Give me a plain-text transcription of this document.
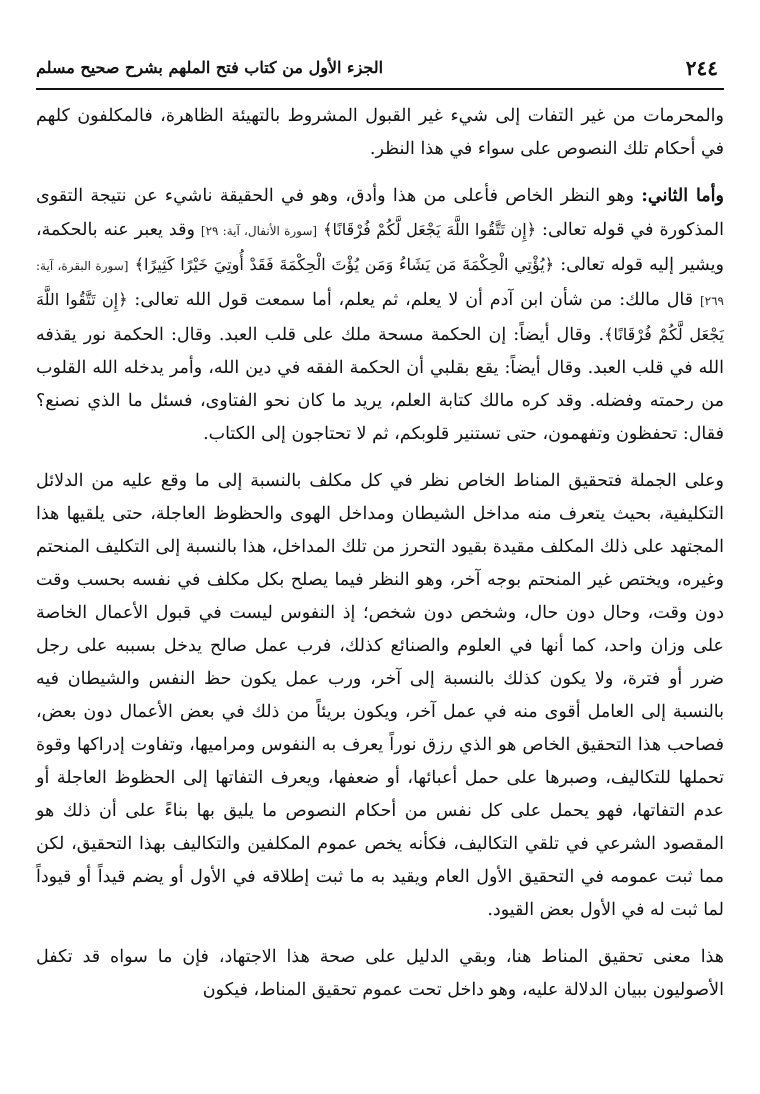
٢٤٤
الجزء الأول من كتاب فتح الملهم بشرح صحيح مسلم

والمحرمات من غير التفات إلى شيء غير القبول المشروط بالتهيئة الظاهرة، فالمكلفون كلهم في أحكام تلك النصوص على سواء في هذا النظر.

وأما الثاني: وهو النظر الخاص فأعلى من هذا وأدق، وهو في الحقيقة ناشيء عن نتيجة التقوى المذكورة في قوله تعالى: ﴿إِن تَتَّقُوا اللَّهَ يَجْعَل لَّكُمْ فُرْقَانًا﴾ [سورة الأنفال، آية: ٢٩] وقد يعبر عنه بالحكمة، ويشير إليه قوله تعالى: ﴿يُؤْتِي الْحِكْمَةَ مَن يَشَاءُ وَمَن يُؤْتَ الْحِكْمَةَ فَقَدْ أُوتِيَ خَيْرًا كَثِيرًا﴾ [سورة البقرة، آية: ٢٦٩] قال مالك: من شأن ابن آدم أن لا يعلم، ثم يعلم، أما سمعت قول الله تعالى: ﴿إِن تَتَّقُوا اللَّهَ يَجْعَل لَّكُمْ فُرْقَانًا﴾. وقال أيضاً: إن الحكمة مسحة ملك على قلب العبد. وقال: الحكمة نور يقذفه الله في قلب العبد. وقال أيضاً: يقع بقلبي أن الحكمة الفقه في دين الله، وأمر يدخله الله القلوب من رحمته وفضله. وقد كره مالك كتابة العلم، يريد ما كان نحو الفتاوى، فسئل ما الذي نصنع؟ فقال: تحفظون وتفهمون، حتى تستنير قلوبكم، ثم لا تحتاجون إلى الكتاب.

وعلى الجملة فتحقيق المناط الخاص نظر في كل مكلف بالنسبة إلى ما وقع عليه من الدلائل التكليفية، بحيث يتعرف منه مداخل الشيطان ومداخل الهوى والحظوظ العاجلة، حتى يلقيها هذا المجتهد على ذلك المكلف مقيدة بقيود التحرز من تلك المداخل، هذا بالنسبة إلى التكليف المنحتم وغيره، ويختص غير المنحتم بوجه آخر، وهو النظر فيما يصلح بكل مكلف في نفسه بحسب وقت دون وقت، وحال دون حال، وشخص دون شخص؛ إذ النفوس ليست في قبول الأعمال الخاصة على وزان واحد، كما أنها في العلوم والصنائع كذلك، فرب عمل صالح يدخل بسببه على رجل ضرر أو فترة، ولا يكون كذلك بالنسبة إلى آخر، ورب عمل يكون حظ النفس والشيطان فيه بالنسبة إلى العامل أقوى منه في عمل آخر، ويكون بريئاً من ذلك في بعض الأعمال دون بعض، فصاحب هذا التحقيق الخاص هو الذي رزق نوراً يعرف به النفوس ومراميها، وتفاوت إدراكها وقوة تحملها للتكاليف، وصبرها على حمل أعبائها، أو ضعفها، ويعرف التفاتها إلى الحظوظ العاجلة أو عدم التفاتها، فهو يحمل على كل نفس من أحكام النصوص ما يليق بها بناءً على أن ذلك هو المقصود الشرعي في تلقي التكاليف، فكأنه يخص عموم المكلفين والتكاليف بهذا التحقيق، لكن مما ثبت عمومه في التحقيق الأول العام ويقيد به ما ثبت إطلاقه في الأول أو يضم قيداً أو قيوداً لما ثبت له في الأول بعض القيود.

هذا معنى تحقيق المناط هنا، وبقي الدليل على صحة هذا الاجتهاد، فإن ما سواه قد تكفل الأصوليون ببيان الدلالة عليه، وهو داخل تحت عموم تحقيق المناط، فيكون
